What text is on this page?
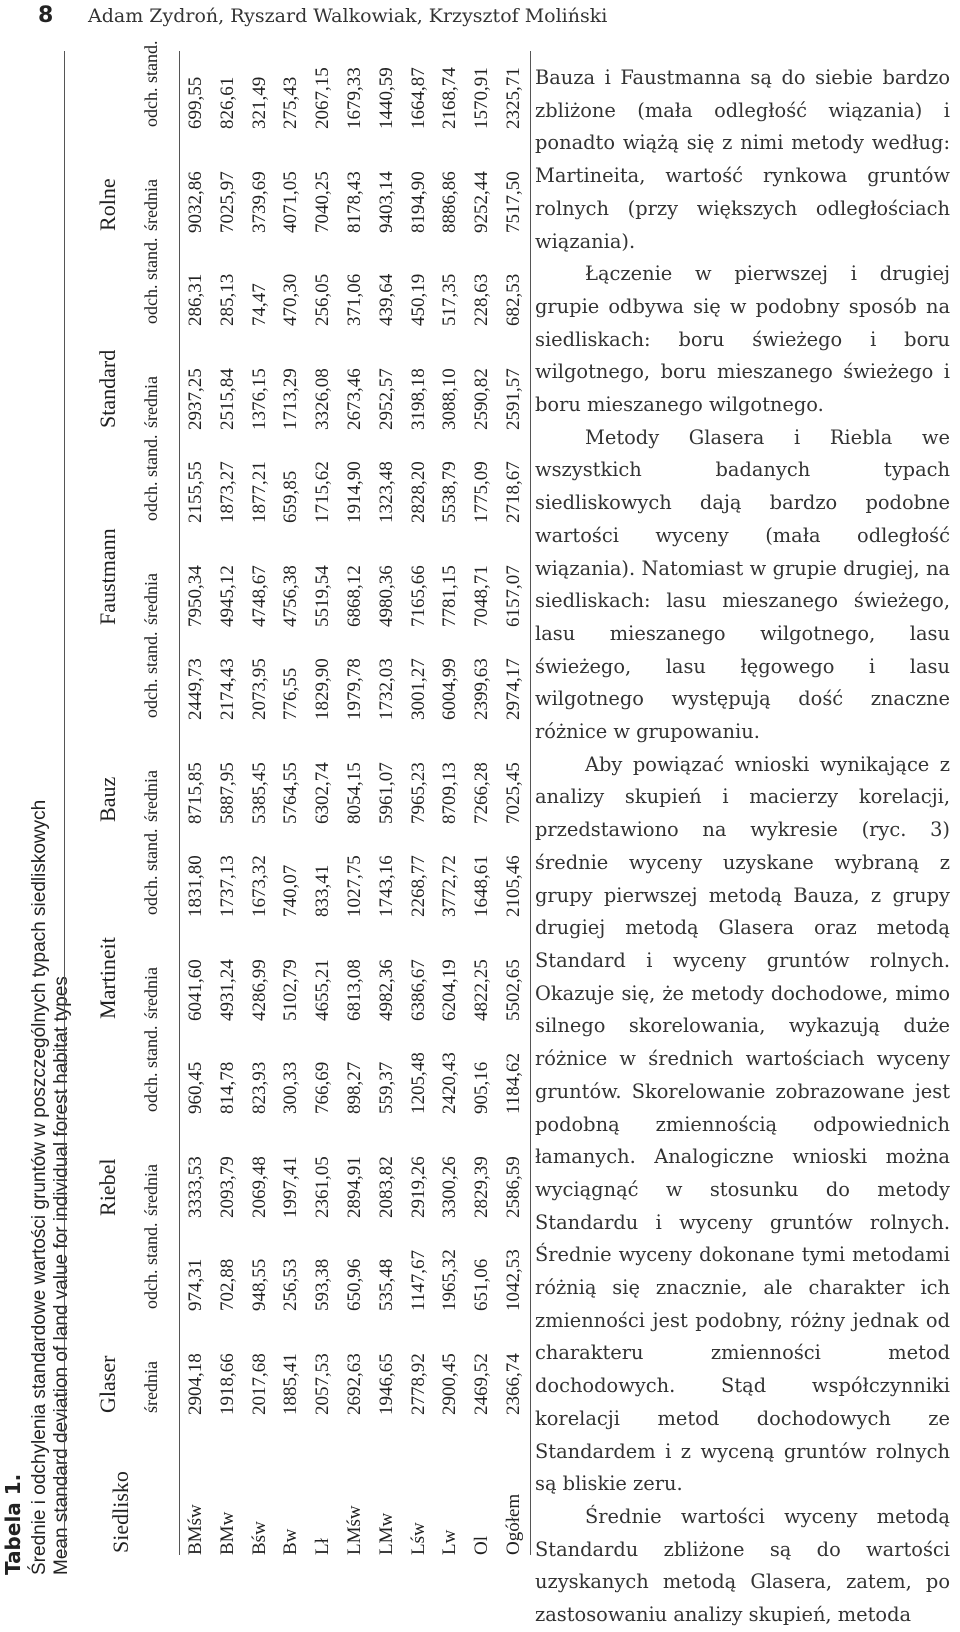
8 Adam Zydroń, Ryszard Walkowiak, Krzysztof Moliński
Tabela 1. Średnie i odchylenia standardowe wartości gruntów w poszczególnych typach siedliskowych Mean standard deviation of land value for individual forest habitat types Siedlisko	Glaser		Riebel		Martineit		Bauz		Faustmann		Standard		Rolne	
	średnia	odch. stand.	średnia	odch. stand.	średnia	odch. stand.	średnia	odch. stand.	średnia	odch. stand.	średnia	odch. stand.	średnia	odch. stand.
BMśw	2904,18	974,31	3333,53	960,45	6041,60	1831,80	8715,85	2449,73	7950,34	2155,55	2937,25	286,31	9032,86	699,55
BMw	1918,66	702,88	2093,79	814,78	4931,24	1737,13	5887,95	2174,43	4945,12	1873,27	2515,84	285,13	7025,97	826,61
Bśw	2017,68	948,55	2069,48	823,93	4286,99	1673,32	5385,45	2073,95	4748,67	1877,21	1376,15	74,47	3739,69	321,49
Bw	1885,41	256,53	1997,41	300,33	5102,79	740,07	5764,55	776,55	4756,38	659,85	1713,29	470,30	4071,05	275,43
Lł	2057,53	593,38	2361,05	766,69	4655,21	833,41	6302,74	1829,90	5519,54	1715,62	3326,08	256,05	7040,25	2067,15
LMśw	2692,63	650,96	2894,91	898,27	6813,08	1027,75	8054,15	1979,78	6868,12	1914,90	2673,46	371,06	8178,43	1679,33
LMw	1946,65	535,48	2083,82	559,37	4982,36	1743,16	5961,07	1732,03	4980,36	1323,48	2952,57	439,64	9403,14	1440,59
Lśw	2778,92	1147,67	2919,26	1205,48	6386,67	2268,77	7965,23	3001,27	7165,66	2828,20	3198,18	450,19	8194,90	1664,87
Lw	2900,45	1965,32	3300,26	2420,43	6204,19	3772,72	8709,13	6004,99	7781,15	5538,79	3088,10	517,35	8886,86	2168,74
Ol	2469,52	651,06	2829,39	905,16	4822,25	1648,61	7266,28	2399,63	7048,71	1775,09	2590,82	228,63	9252,44	1570,91
Ogółem	2366,74	1042,53	2586,59	1184,62	5502,65	2105,46	7025,45	2974,17	6157,07	2718,67	2591,57	682,53	7517,50	2325,71 Bauza i Faustmanna są do siebie bardzo zbliżone (mała odległość wiązania) i ponadto wiążą się z nimi metody według: Martineita, wartość rynkowa gruntów rolnych (przy większych odległościach wiązania).

Łączenie w pierwszej i drugiej grupie odbywa się w podobny sposób na siedliskach: boru świeżego i boru wilgotnego, boru mieszanego świeżego i boru mieszanego wilgotnego.

Metody Glasera i Riebla we wszystkich badanych typach siedliskowych dają bardzo podobne wartości wyceny (mała odległość wiązania). Natomiast w grupie drugiej, na siedliskach: lasu mieszanego świeżego, lasu mieszanego wilgotnego, lasu świeżego, lasu łęgowego i lasu wilgotnego występują dość znaczne różnice w grupowaniu.

Aby powiązać wnioski wynikające z analizy skupień i macierzy korelacji, przedstawiono na wykresie (ryc. 3) średnie wyceny uzyskane wybraną z grupy pierwszej metodą Bauza, z grupy drugiej metodą Glasera oraz metodą Standard i wyceny gruntów rolnych. Okazuje się, że metody dochodowe, mimo silnego skorelowania, wykazują duże różnice w średnich wartościach wyceny gruntów. Skorelowanie zobrazowane jest podobną zmiennością odpowiednich łamanych. Analogiczne wnioski można wyciągnąć w stosunku do metody Standardu i wyceny gruntów rolnych. Średnie wyceny dokonane tymi metodami różnią się znacznie, ale charakter ich zmienności jest podobny, różny jednak od charakteru zmienności metod dochodowych. Stąd współczynniki korelacji metod dochodowych ze Standardem i z wyceną gruntów rolnych są bliskie zeru.

Średnie wartości wyceny metodą Standardu zbliżone są do wartości uzyskanych metodą Glasera, zatem, po zastosowaniu analizy skupień, metoda
